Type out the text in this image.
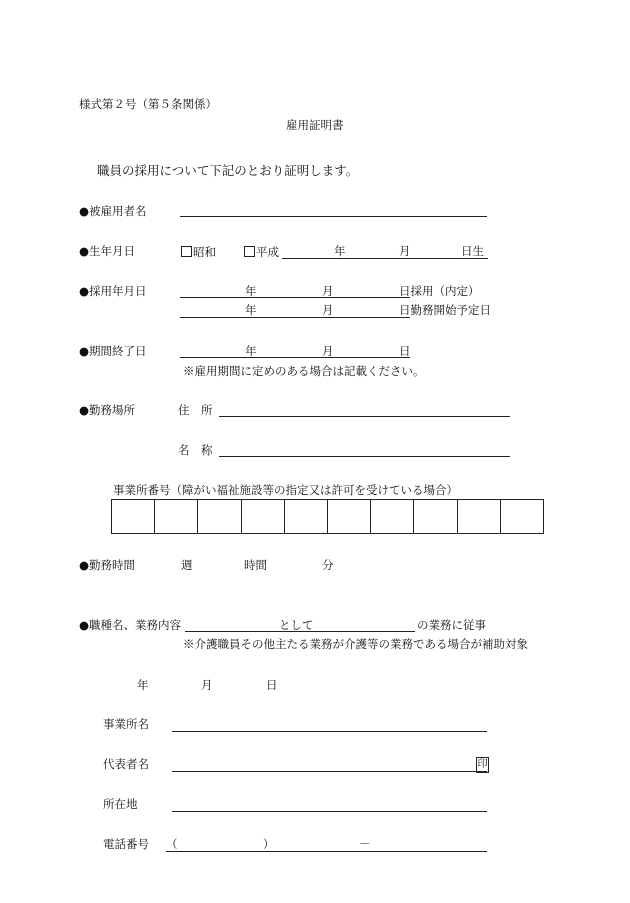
様式第２号（第５条関係）
雇用証明書
職員の採用について下記のとおり証明します。
●被雇用者名
●生年月日	昭和	平成	年	月	日生
●採用年月日	年	月	日採用（内定）
年	月	日勤務開始予定日
●期間終了日	年	月	日
※雇用期間に定めのある場合は記載ください。
●勤務場所	住　所
名　称
事業所番号（障がい福祉施設等の指定又は許可を受けている場合）
●勤務時間	週	時間	分
●職種名、業務内容	として	の業務に従事
※介護職員その他主たる業務が介護等の業務である場合が補助対象
年	月	日
事業所名
代表者名	印
所在地
電話番号 （	）	－
